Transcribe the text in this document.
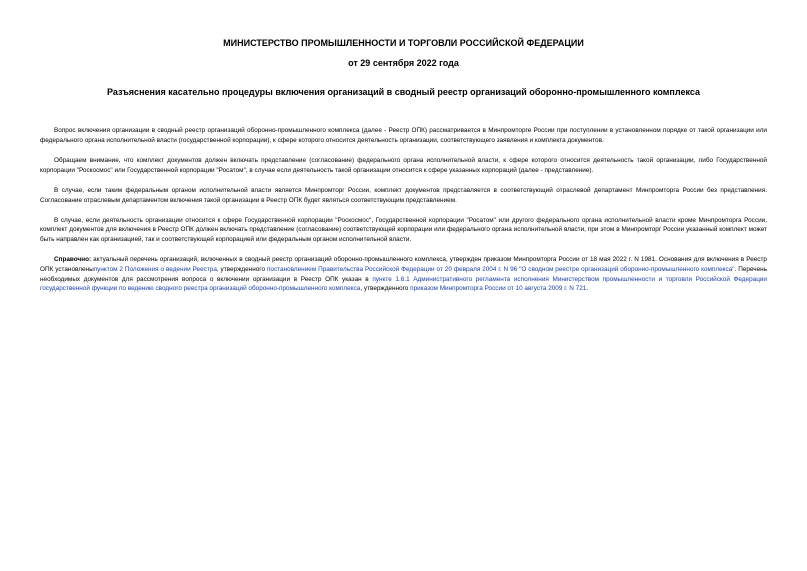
МИНИСТЕРСТВО ПРОМЫШЛЕННОСТИ И ТОРГОВЛИ РОССИЙСКОЙ ФЕДЕРАЦИИ
от 29 сентября 2022 года
Разъяснения касательно процедуры включения организаций в сводный реестр организаций оборонно-промышленного комплекса

Вопрос включения организации в сводный реестр организаций оборонно-промышленного комплекса (далее - Реестр ОПК) рассматривается в Минпромторге России при поступлении в установленном порядке от такой организации или федерального органа исполнительной власти (государственной корпорации), к сфере которого относится деятельность организации, соответствующего заявления и комплекта документов.

Обращаем внимание, что комплект документов должен включать представление (согласование) федерального органа исполнительной власти, к сфере которого относится деятельность такой организации, либо Государственной корпорации "Роскосмос" или Государственной корпорации "Росатом", в случае если деятельность такой организации относится к сфере указанных корпораций (далее - представление).

В случае, если таким федеральным органом исполнительной власти является Минпромторг России, комплект документов представляется в соответствующий отраслевой департамент Минпромторга России без представления. Согласование отраслевым департаментом включения такой организации в Реестр ОПК будет являться соответствующим представлением.

В случае, если деятельность организации относится к сфере Государственной корпорации "Роскосмос", Государственной корпорации "Росатом" или другого федерального органа исполнительной власти кроме Минпромторга России, комплект документов для включения в Реестр ОПК должен включать представление (согласование) соответствующей корпорации или федерального органа исполнительной власти, при этом в Минпромторг России указанный комплект может быть направлен как организацией, так и соответствующей корпорацией или федеральным органом исполнительной власти.

Справочно: актуальный перечень организаций, включенных в сводный реестр организаций оборонно-промышленного комплекса, утвержден приказом Минпромторга России от 18 мая 2022 г. N 1981. Основания для включения в Реестр ОПК установленыпунктом 2 Положения о ведении Реестра, утвержденного постановлением Правительства Российской Федерации от 20 февраля 2004 г. N 96 "О сводном реестре организаций оборонно-промышленного комплекса". Перечень необходимых документов для рассмотрения вопроса о включении организации в Реестр ОПК указан в пункте 1.6.1 Административного регламента исполнения Министерством промышленности и торговли Российской Федерации государственной функции по ведению сводного реестра организаций оборонно-промышленного комплекса, утвержденного приказом Минпромторга России от 10 августа 2009 г. N 721.
